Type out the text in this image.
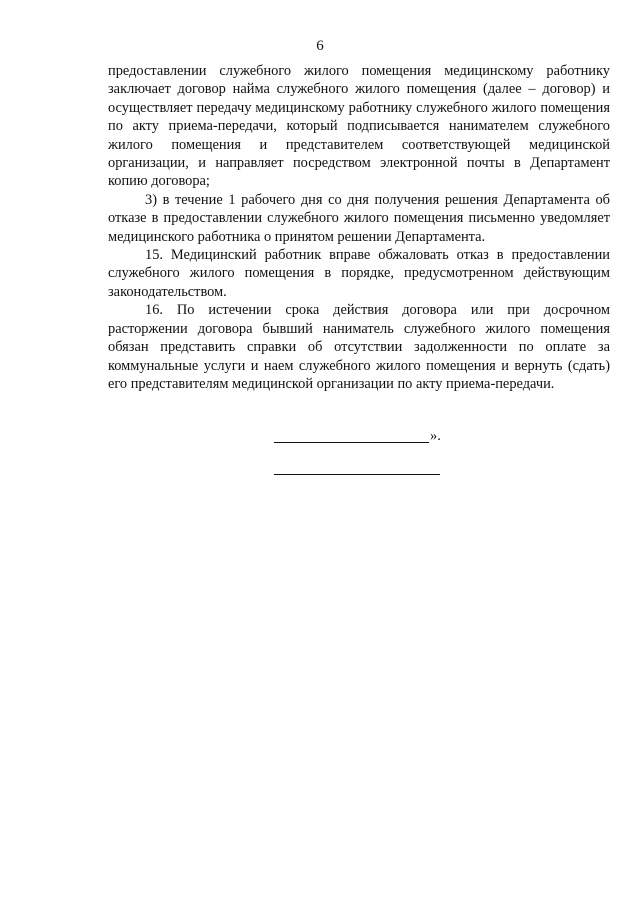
6

предоставлении служебного жилого помещения медицинскому работнику заключает договор найма служебного жилого помещения (далее – договор) и осуществляет передачу медицинскому работнику служебного жилого помещения по акту приема-передачи, который подписывается нанимателем служебного жилого помещения и представителем соответствующей медицинской организации, и направляет посредством электронной почты в Департамент копию договора;

3) в течение 1 рабочего дня со дня получения решения Департамента об отказе в предоставлении служебного жилого помещения письменно уведомляет медицинского работника о принятом решении Департамента.

15. Медицинский работник вправе обжаловать отказ в предоставлении служебного жилого помещения в порядке, предусмотренном действующим законодательством.

16. По истечении срока действия договора или при досрочном расторжении договора бывший наниматель служебного жилого помещения обязан представить справки об отсутствии задолженности по оплате за коммунальные услуги и наем служебного жилого помещения и вернуть (сдать) его представителям медицинской организации по акту приема-передачи.

».
